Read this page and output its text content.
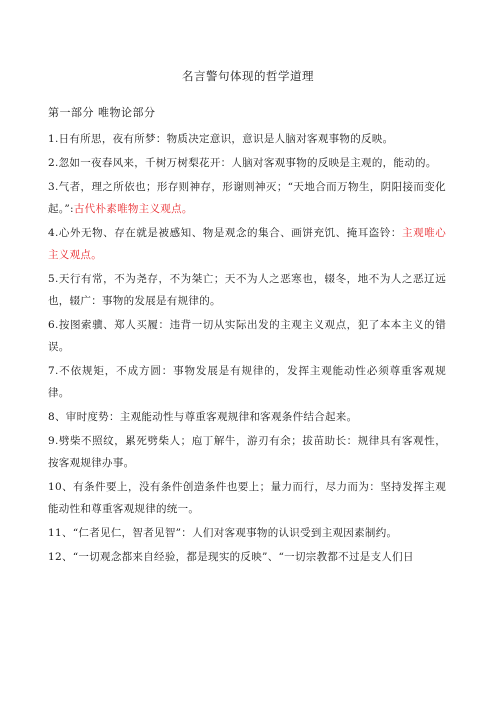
名言警句体现的哲学道理
第一部分 唯物论部分

1.日有所思，夜有所梦：物质决定意识，意识是人脑对客观事物的反映。

2.忽如一夜春风来，千树万树梨花开：人脑对客观事物的反映是主观的，能动的。

3.气者，理之所依也；形存则神存，形谢则神灭；“天地合而万物生，阴阳接而变化起。”:古代朴素唯物主义观点。

4.心外无物、存在就是被感知、物是观念的集合、画饼充饥、掩耳盗铃：主观唯心主义观点。

5.天行有常，不为尧存，不为桀亡；天不为人之恶寒也，辍冬，地不为人之恶辽远也，辍广：事物的发展是有规律的。

6.按图索骥、郑人买履：违背一切从实际出发的主观主义观点，犯了本本主义的错误。

7.不依规矩，不成方圆：事物发展是有规律的，发挥主观能动性必须尊重客观规律。

8、审时度势：主观能动性与尊重客观规律和客观条件结合起来。

9.劈柴不照纹，累死劈柴人；庖丁解牛，游刃有余；拔苗助长：规律具有客观性，按客观规律办事。

10、有条件要上，没有条件创造条件也要上；量力而行，尽力而为：坚持发挥主观能动性和尊重客观规律的统一。

11、“仁者见仁，智者见智”：人们对客观事物的认识受到主观因素制约。

12、“一切观念都来自经验，都是现实的反映”、“一切宗教都不过是支人们日
